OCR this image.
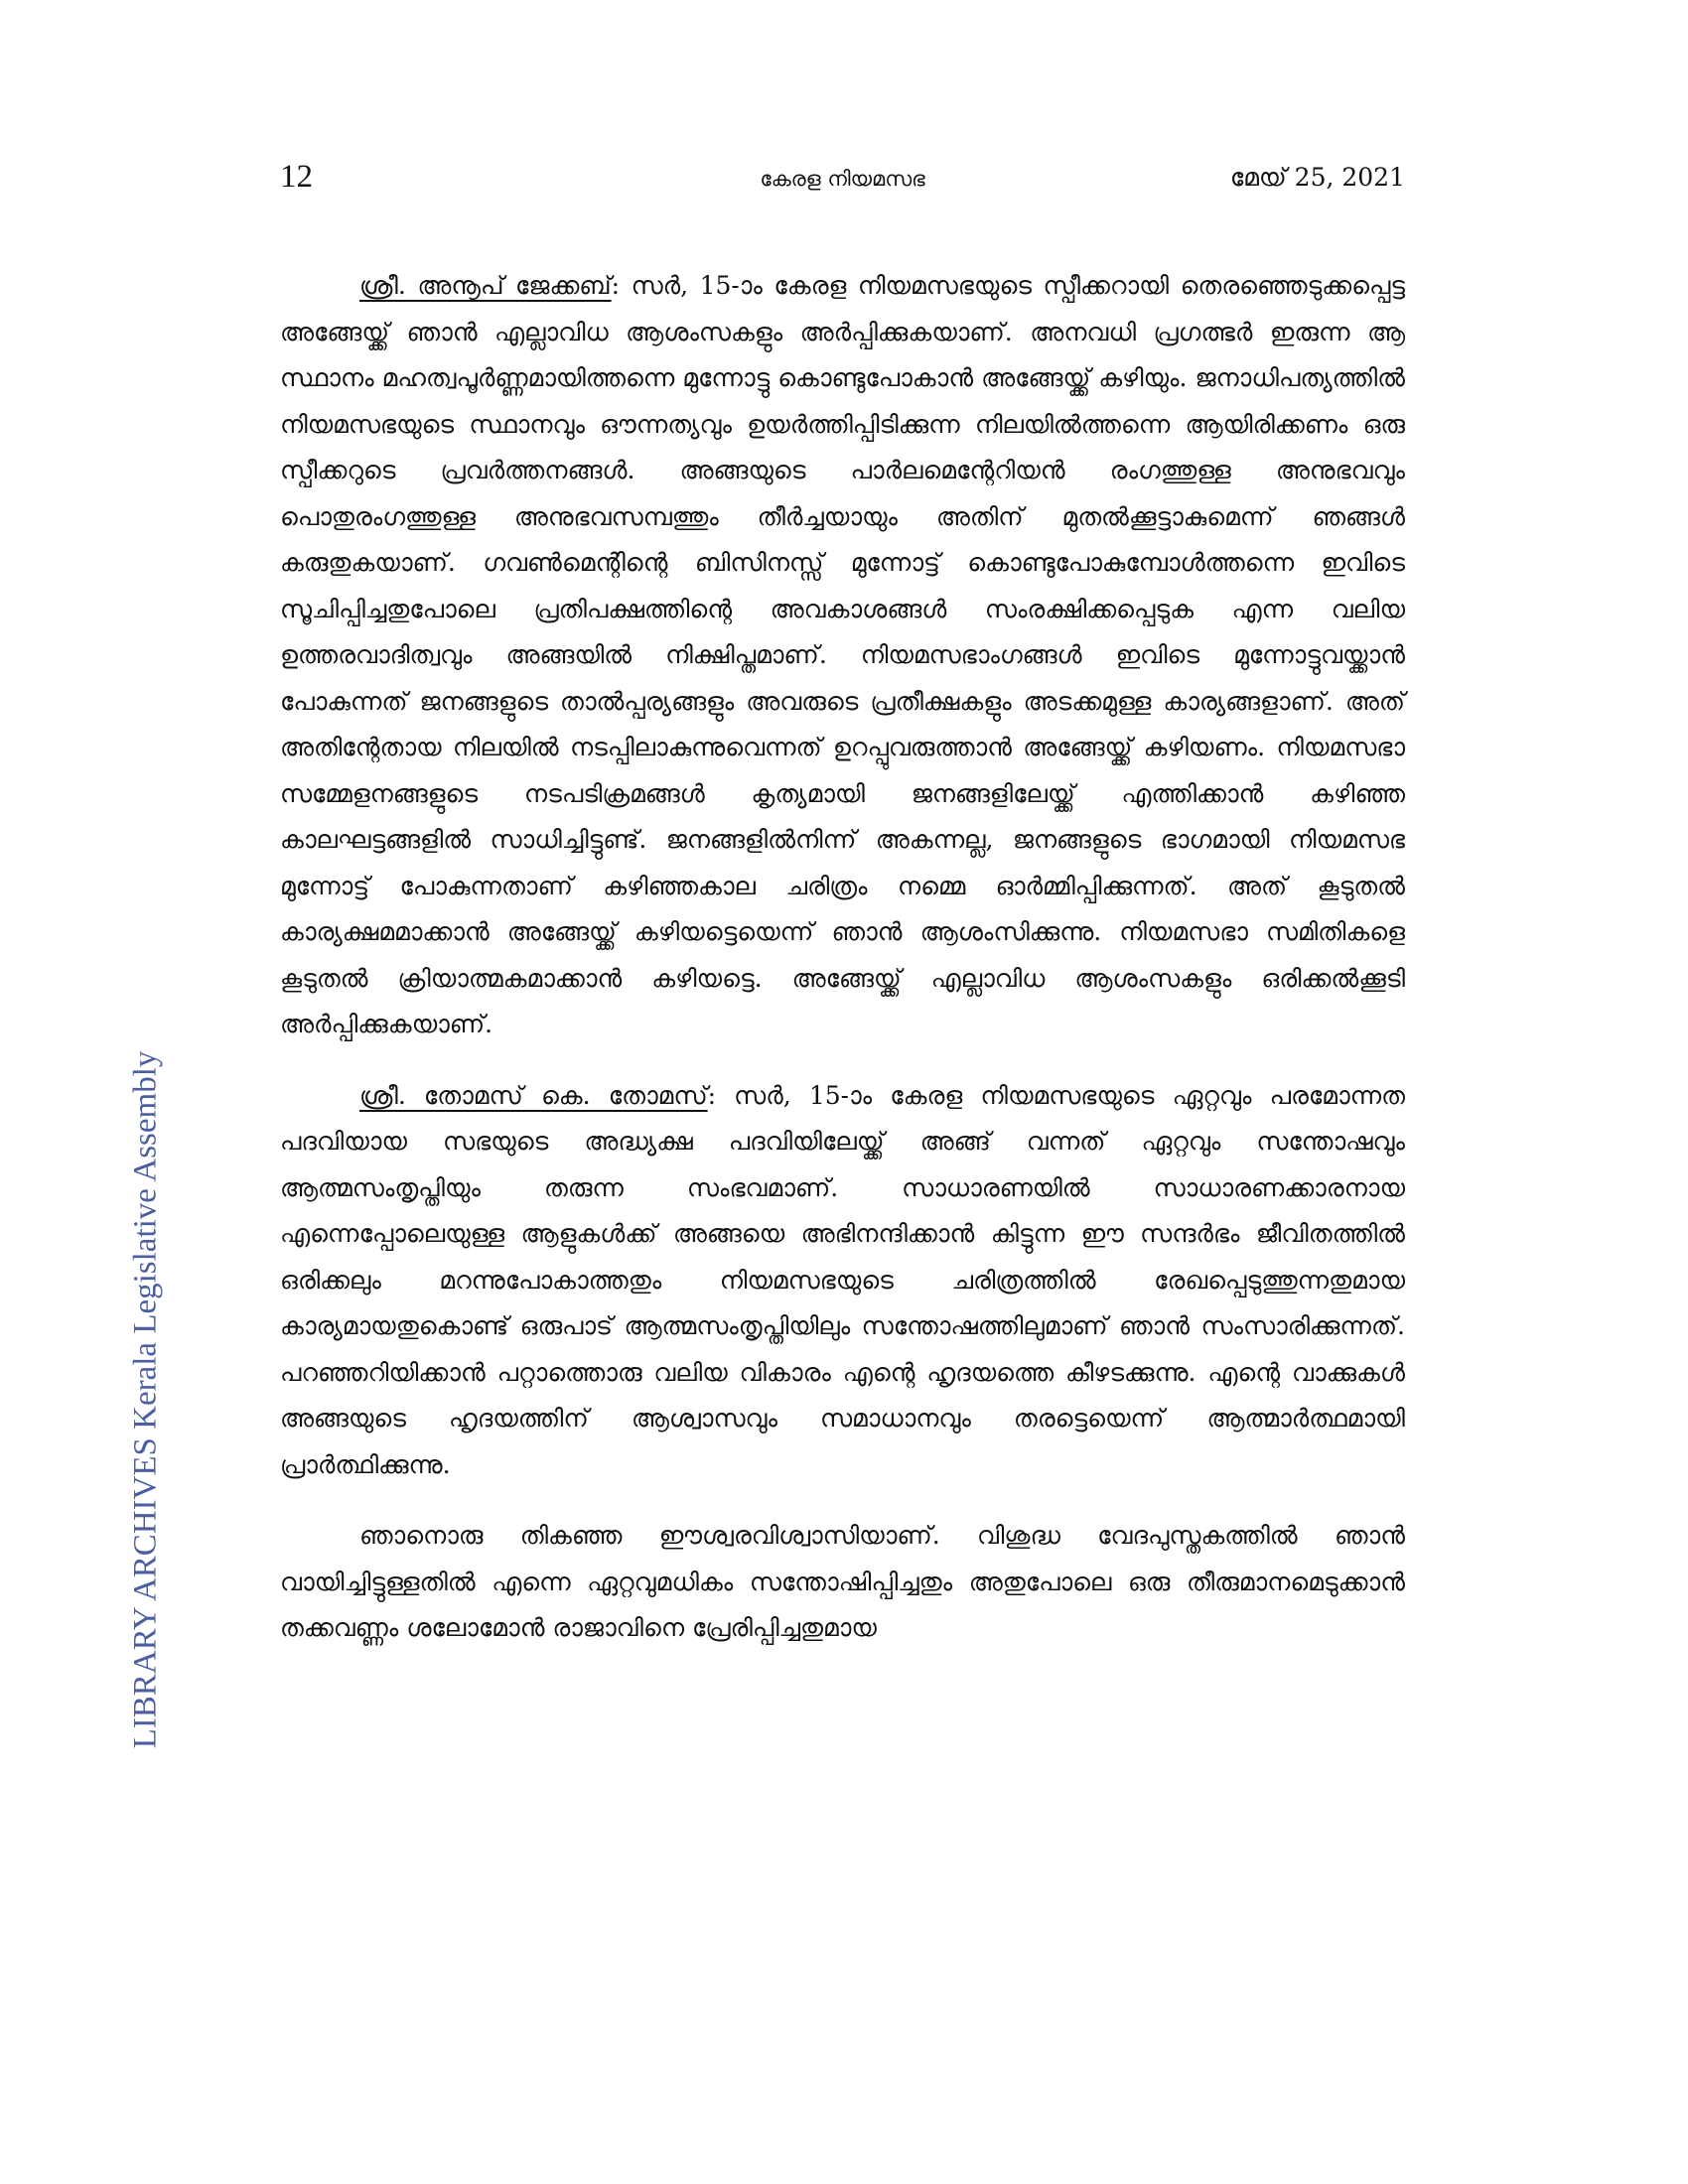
12	കേരള നിയമസഭ	മേയ് 25, 2021
LIBRARY ARCHIVES Kerala Legislative Assembly

ശ്രീ. അനൂപ് ജേക്കബ്: സർ, 15-ാം കേരള നിയമസഭയുടെ സ്പീക്കറായി തെരഞ്ഞെടുക്കപ്പെട്ട അങ്ങേയ്ക്ക് ഞാൻ എല്ലാവിധ ആശംസകളും അർപ്പിക്കുകയാണ്. അനവധി പ്രഗത്ഭർ ഇരുന്ന ആ സ്ഥാനം മഹത്വപൂർണ്ണമായിത്തന്നെ മുന്നോട്ടു കൊണ്ടുപോകാൻ അങ്ങേയ്ക്ക് കഴിയും. ജനാധിപത്യത്തിൽ നിയമസഭയുടെ സ്ഥാനവും ഔന്നത്യവും ഉയർത്തിപ്പിടിക്കുന്ന നിലയിൽത്തന്നെ ആയിരിക്കണം ഒരു സ്പീക്കറുടെ പ്രവർത്തനങ്ങൾ. അങ്ങയുടെ പാർലമെന്റേറിയൻ രംഗത്തുള്ള അനുഭവവും പൊതുരംഗത്തുള്ള അനുഭവസമ്പത്തും തീർച്ചയായും അതിന് മുതൽക്കൂട്ടാകുമെന്ന് ഞങ്ങൾ കരുതുകയാണ്. ഗവൺമെന്റിന്റെ ബിസിനസ്സ് മുന്നോട്ട് കൊണ്ടുപോകുമ്പോൾത്തന്നെ ഇവിടെ സൂചിപ്പിച്ചതുപോലെ പ്രതിപക്ഷത്തിന്റെ അവകാശങ്ങൾ സംരക്ഷിക്കപ്പെടുക എന്ന വലിയ ഉത്തരവാദിത്വവും അങ്ങയിൽ നിക്ഷിപ്തമാണ്. നിയമസഭാംഗങ്ങൾ ഇവിടെ മുന്നോട്ടുവയ്ക്കാൻ പോകുന്നത് ജനങ്ങളുടെ താൽപ്പര്യങ്ങളും അവരുടെ പ്രതീക്ഷകളും അടക്കമുള്ള കാര്യങ്ങളാണ്. അത് അതിന്റേതായ നിലയിൽ നടപ്പിലാകുന്നുവെന്നത് ഉറപ്പുവരുത്താൻ അങ്ങേയ്ക്ക് കഴിയണം. നിയമസഭാ സമ്മേളനങ്ങളുടെ നടപടിക്രമങ്ങൾ കൃത്യമായി ജനങ്ങളിലേയ്ക്ക് എത്തിക്കാൻ കഴിഞ്ഞ കാലഘട്ടങ്ങളിൽ സാധിച്ചിട്ടുണ്ട്. ജനങ്ങളിൽനിന്ന് അകന്നല്ല, ജനങ്ങളുടെ ഭാഗമായി നിയമസഭ മുന്നോട്ട് പോകുന്നതാണ് കഴിഞ്ഞകാല ചരിത്രം നമ്മെ ഓർമ്മിപ്പിക്കുന്നത്. അത് കൂടുതൽ കാര്യക്ഷമമാക്കാൻ അങ്ങേയ്ക്ക് കഴിയട്ടെയെന്ന് ഞാൻ ആശംസിക്കുന്നു. നിയമസഭാ സമിതികളെ കൂടുതൽ ക്രിയാത്മകമാക്കാൻ കഴിയട്ടെ. അങ്ങേയ്ക്ക് എല്ലാവിധ ആശംസകളും ഒരിക്കൽക്കൂടി അർപ്പിക്കുകയാണ്.

ശ്രീ. തോമസ് കെ. തോമസ്: സർ, 15-ാം കേരള നിയമസഭയുടെ ഏറ്റവും പരമോന്നത പദവിയായ സഭയുടെ അദ്ധ്യക്ഷ പദവിയിലേയ്ക്ക് അങ്ങ് വന്നത് ഏറ്റവും സന്തോഷവും ആത്മസംതൃപ്തിയും തരുന്ന സംഭവമാണ്. സാധാരണയിൽ സാധാരണക്കാരനായ എന്നെപ്പോലെയുള്ള ആളുകൾക്ക് അങ്ങയെ അഭിനന്ദിക്കാൻ കിട്ടുന്ന ഈ സന്ദർഭം ജീവിതത്തിൽ ഒരിക്കലും മറന്നുപോകാത്തതും നിയമസഭയുടെ ചരിത്രത്തിൽ രേഖപ്പെടുത്തുന്നതുമായ കാര്യമായതുകൊണ്ട് ഒരുപാട് ആത്മസംതൃപ്തിയിലും സന്തോഷത്തിലുമാണ് ഞാൻ സംസാരിക്കുന്നത്. പറഞ്ഞറിയിക്കാൻ പറ്റാത്തൊരു വലിയ വികാരം എന്റെ ഹൃദയത്തെ കീഴടക്കുന്നു. എന്റെ വാക്കുകൾ അങ്ങയുടെ ഹൃദയത്തിന് ആശ്വാസവും സമാധാനവും തരട്ടെയെന്ന് ആത്മാർത്ഥമായി പ്രാർത്ഥിക്കുന്നു.

ഞാനൊരു തികഞ്ഞ ഈശ്വരവിശ്വാസിയാണ്. വിശുദ്ധ വേദപുസ്തകത്തിൽ ഞാൻ വായിച്ചിട്ടുള്ളതിൽ എന്നെ ഏറ്റവുമധികം സന്തോഷിപ്പിച്ചതും അതുപോലെ ഒരു തീരുമാനമെടുക്കാൻ തക്കവണ്ണം ശലോമോൻ രാജാവിനെ പ്രേരിപ്പിച്ചതുമായ
